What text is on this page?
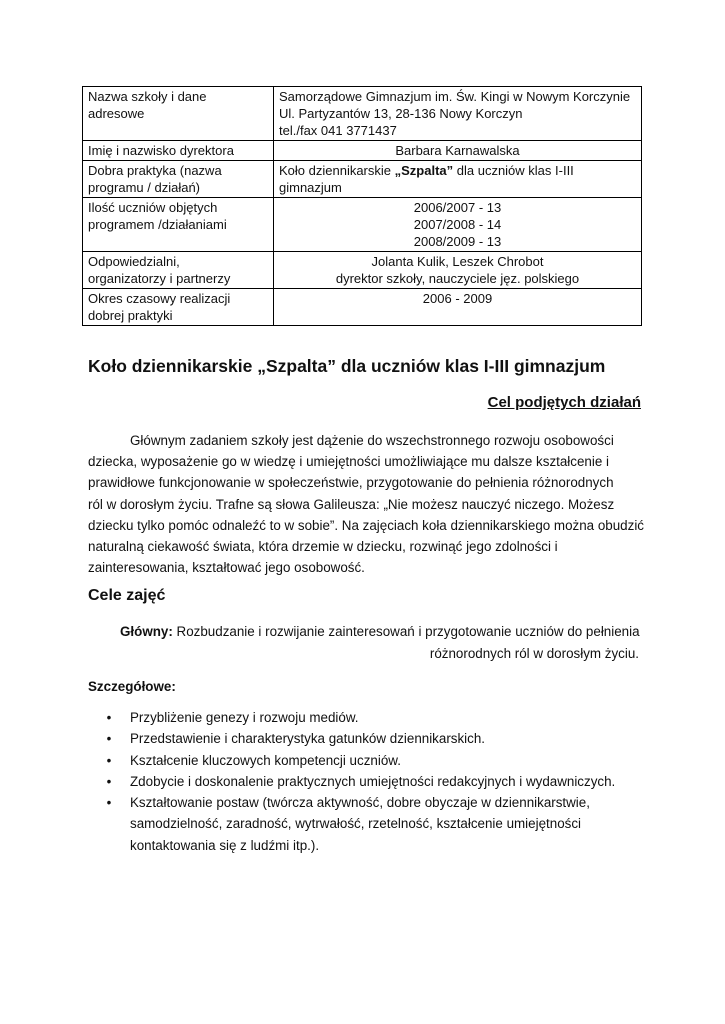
Nazwa szkoły i dane
adresowe	Samorządowe Gimnazjum im. Św. Kingi w Nowym Korczynie
Ul. Partyzantów 13, 28-136 Nowy Korczyn
tel./fax 041 3771437

Imię i nazwisko dyrektora	Barbara Karnawalska

Dobra praktyka (nazwa
programu / działań)	Koło dziennikarskie „Szpalta” dla uczniów klas I-III
gimnazjum

Ilość uczniów objętych
programem /działaniami	2006/2007 - 13
2007/2008 - 14
2008/2009 - 13

Odpowiedzialni,
organizatorzy i partnerzy	Jolanta Kulik, Leszek Chrobot
dyrektor szkoły, nauczyciele jęz. polskiego

Okres czasowy realizacji
dobrej praktyki	2006 - 2009
Koło dziennikarskie „Szpalta” dla uczniów klas I-III gimnazjum
Cel podjętych działań

Głównym zadaniem szkoły jest dążenie do wszechstronnego rozwoju osobowości
dziecka, wyposażenie go w wiedzę i umiejętności umożliwiające mu dalsze kształcenie i
prawidłowe funkcjonowanie w społeczeństwie, przygotowanie do pełnienia różnorodnych
ról w dorosłym życiu. Trafne są słowa Galileusza: „Nie możesz nauczyć niczego. Możesz
dziecku tylko pomóc odnaleźć to w sobie”. Na zajęciach koła dziennikarskiego można obudzić
naturalną ciekawość świata, która drzemie w dziecku, rozwinąć jego zdolności i
zainteresowania, kształtować jego osobowość.

Cele zajęć
Główny: Rozbudzanie i rozwijanie zainteresowań i przygotowanie uczniów do pełnienia
różnorodnych ról w dorosłym życiu.
Szczegółowe:
• Przybliżenie genezy i rozwoju mediów.
• Przedstawienie i charakterystyka gatunków dziennikarskich.
• Kształcenie kluczowych kompetencji uczniów.
• Zdobycie i doskonalenie praktycznych umiejętności redakcyjnych i wydawniczych.
• Kształtowanie postaw (twórcza aktywność, dobre obyczaje w dziennikarstwie,
samodzielność, zaradność, wytrwałość, rzetelność, kształcenie umiejętności
kontaktowania się z ludźmi itp.).
